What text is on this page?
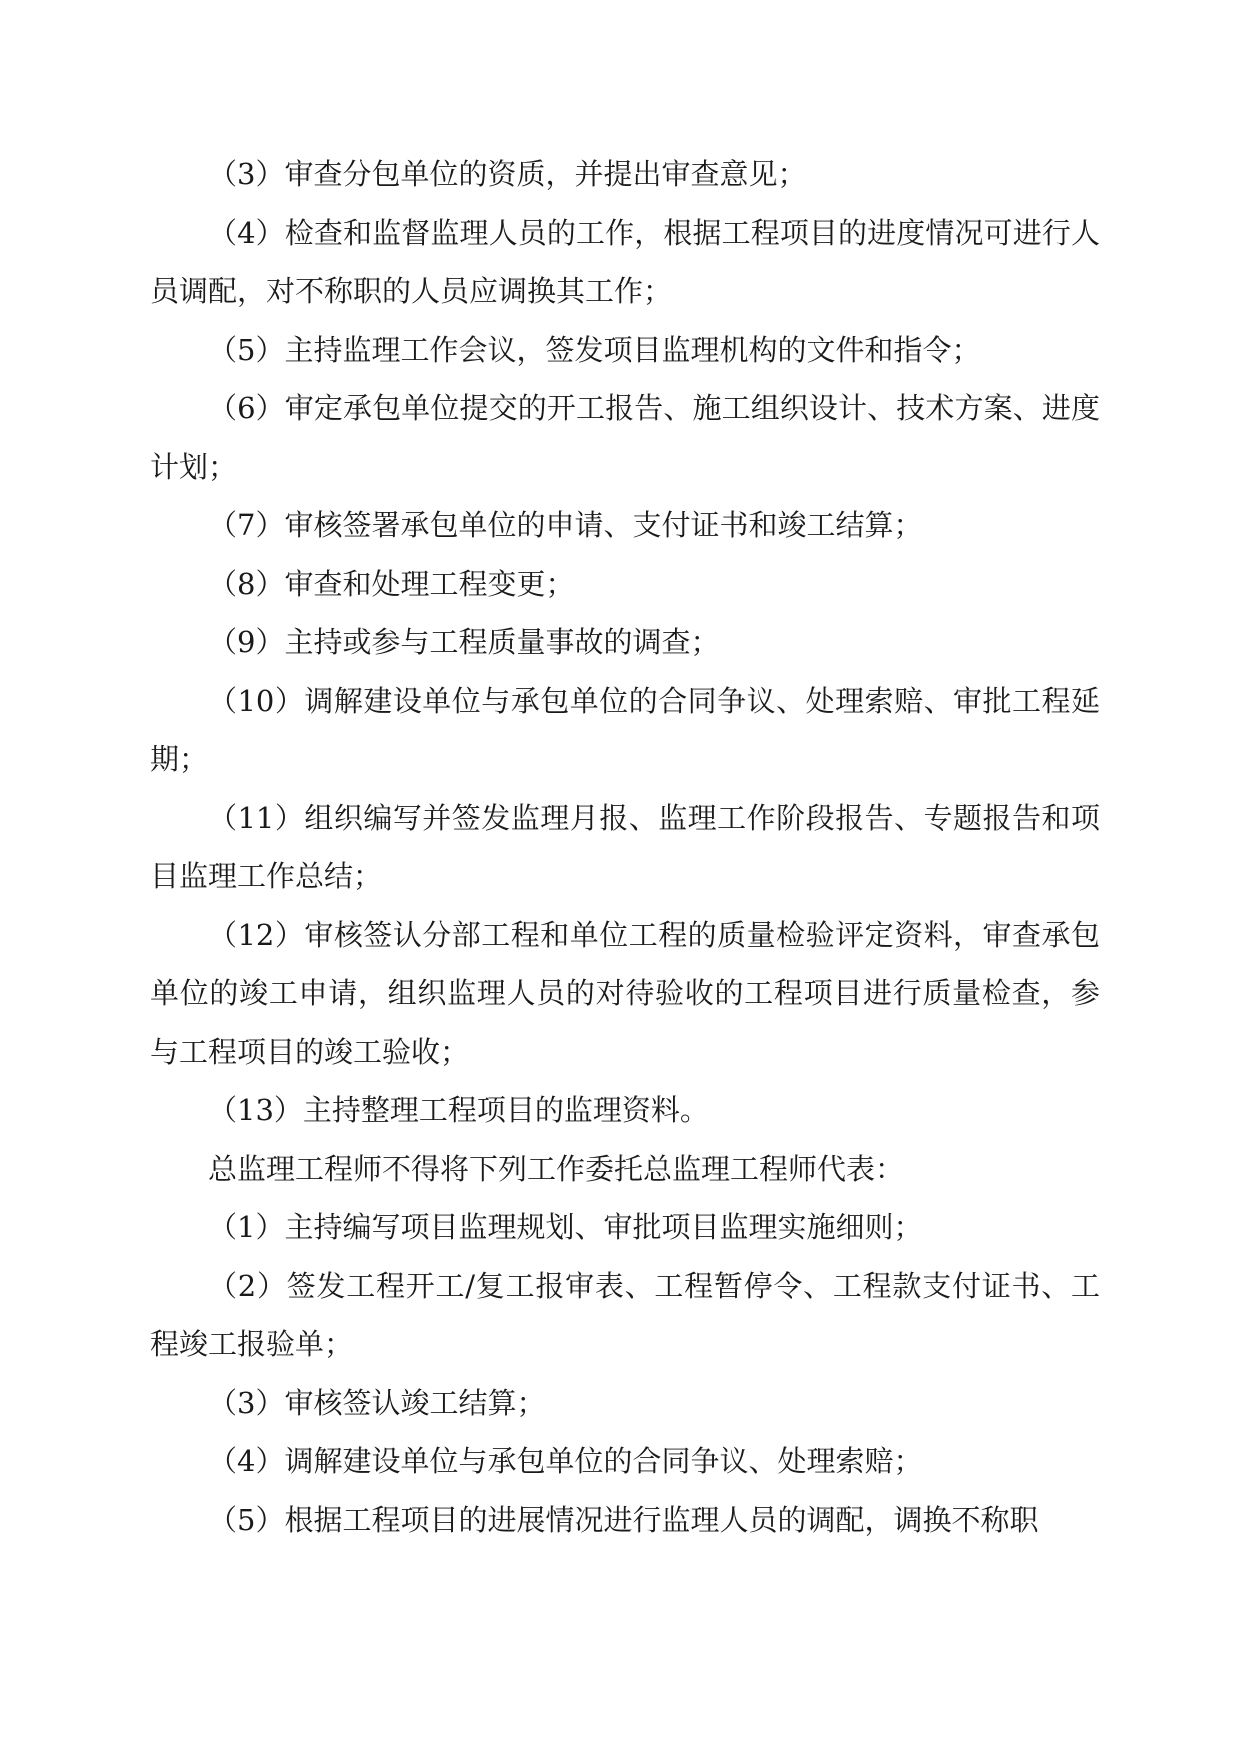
（3）审查分包单位的资质，并提出审查意见；

（4）检查和监督监理人员的工作，根据工程项目的进度情况可进行人员调配，对不称职的人员应调换其工作；

（5）主持监理工作会议，签发项目监理机构的文件和指令；

（6）审定承包单位提交的开工报告、施工组织设计、技术方案、进度计划；

（7）审核签署承包单位的申请、支付证书和竣工结算；

（8）审查和处理工程变更；

（9）主持或参与工程质量事故的调查；

（10）调解建设单位与承包单位的合同争议、处理索赔、审批工程延期；

（11）组织编写并签发监理月报、监理工作阶段报告、专题报告和项目监理工作总结；

（12）审核签认分部工程和单位工程的质量检验评定资料，审查承包单位的竣工申请，组织监理人员的对待验收的工程项目进行质量检查，参与工程项目的竣工验收；

（13）主持整理工程项目的监理资料。

总监理工程师不得将下列工作委托总监理工程师代表：

（1）主持编写项目监理规划、审批项目监理实施细则；

（2）签发工程开工/复工报审表、工程暂停令、工程款支付证书、工程竣工报验单；

（3）审核签认竣工结算；

（4）调解建设单位与承包单位的合同争议、处理索赔；

（5）根据工程项目的进展情况进行监理人员的调配，调换不称职
